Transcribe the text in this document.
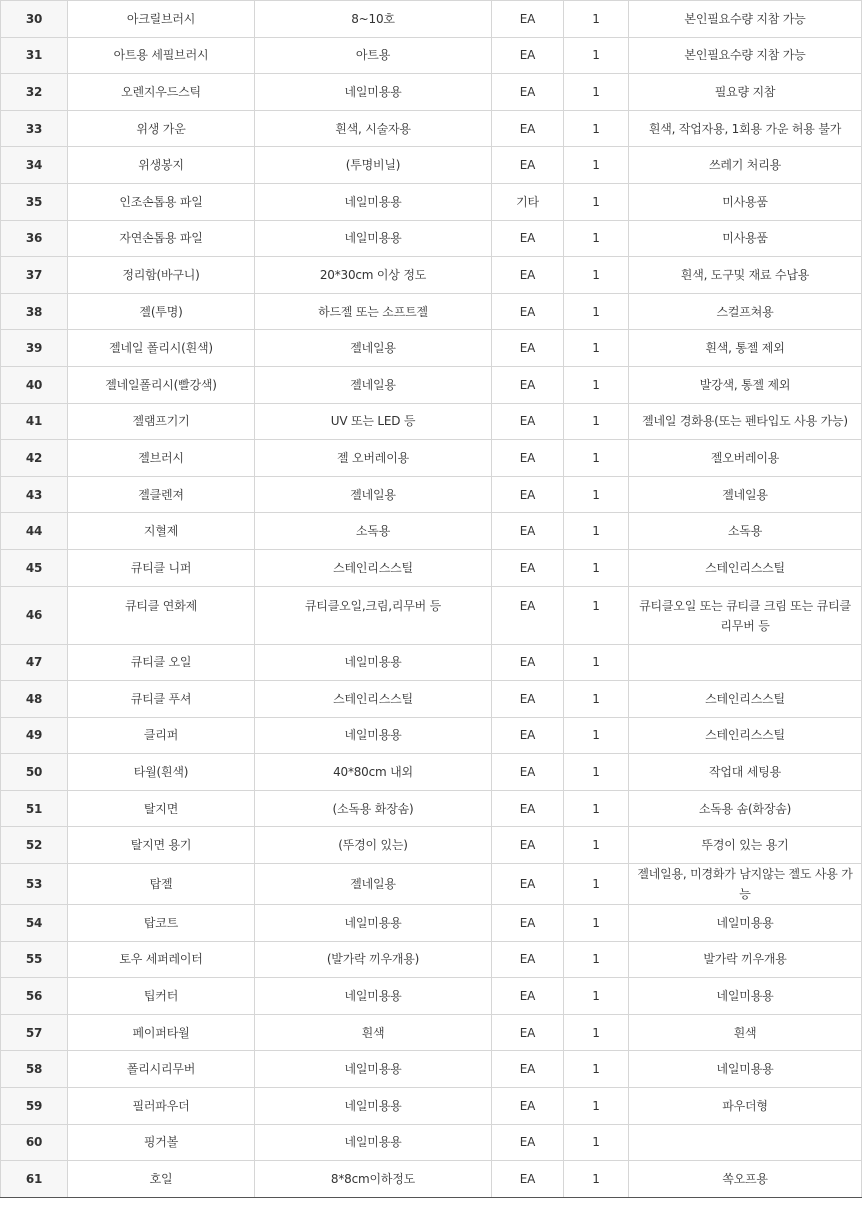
30	아크릴브러시	8~10호	EA	1	본인필요수량 지참 가능
31	아트용 세필브러시	아트용	EA	1	본인필요수량 지참 가능
32	오렌지우드스틱	네일미용용	EA	1	필요량 지참
33	위생 가운	흰색, 시술자용	EA	1	흰색, 작업자용, 1회용 가운 허용 불가
34	위생봉지	(투명비닐)	EA	1	쓰레기 처리용
35	인조손톱용 파일	네일미용용	기타	1	미사용품
36	자연손톱용 파일	네일미용용	EA	1	미사용품
37	정리함(바구니)	20*30cm 이상 정도	EA	1	흰색, 도구및 재료 수납용
38	젤(투명)	하드젤 또는 소프트젤	EA	1	스컬프쳐용
39	젤네일 폴리시(흰색)	젤네일용	EA	1	흰색, 통젤 제외
40	젤네일폴리시(빨강색)	젤네일용	EA	1	발강색, 통젤 제외
41	젤램프기기	UV 또는 LED 등	EA	1	젤네일 경화용(또는 펜타입도 사용 가능)
42	젤브러시	젤 오버레이용	EA	1	젤오버레이용
43	젤클렌져	젤네일용	EA	1	젤네일용
44	지혈제	소독용	EA	1	소독용
45	큐티클 니퍼	스테인리스스틸	EA	1	스테인리스스틸
46	큐티클 연화제	큐티클오일,크림,리무버 등	EA	1	큐티클오일 또는 큐티클 크림 또는 큐티클리무버 등
47	큐티클 오일	네일미용용	EA	1	
48	큐티클 푸셔	스테인리스스틸	EA	1	스테인리스스틸
49	클리퍼	네일미용용	EA	1	스테인리스스틸
50	타월(흰색)	40*80cm 내외	EA	1	작업대 세팅용
51	탈지면	(소독용 화장솜)	EA	1	소독용 솜(화장솜)
52	탈지면 용기	(뚜경이 있는)	EA	1	뚜경이 있는 용기
53	탑젤	젤네일용	EA	1	젤네일용, 미경화가 남지않는 젤도 사용 가능
54	탑코트	네일미용용	EA	1	네일미용용
55	토우 세퍼레이터	(발가락 끼우개용)	EA	1	발가락 끼우개용
56	팁커터	네일미용용	EA	1	네일미용용
57	페이퍼타월	흰색	EA	1	흰색
58	폴리시리무버	네일미용용	EA	1	네일미용용
59	필러파우더	네일미용용	EA	1	파우더형
60	핑거볼	네일미용용	EA	1	
61	호일	8*8cm이하정도	EA	1	쏙오프용
